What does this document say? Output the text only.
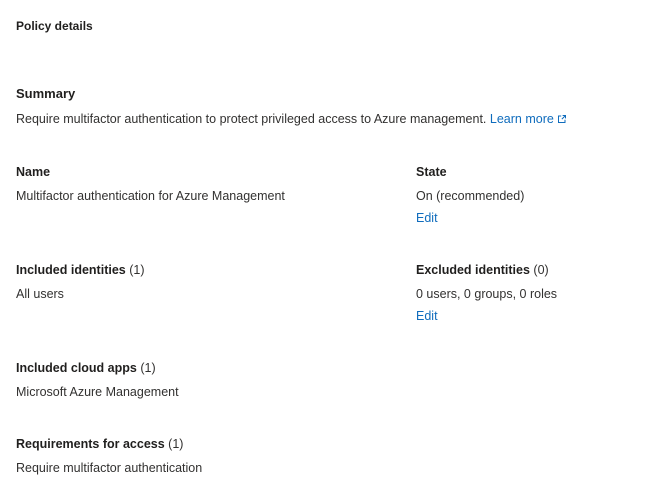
Policy details
Summary
Require multifactor authentication to protect privileged access to Azure management. Learn more
Name
Multifactor authentication for Azure Management
State
On (recommended)
Edit
Included identities (1)
All users
Excluded identities (0)
0 users, 0 groups, 0 roles
Edit
Included cloud apps (1)
Microsoft Azure Management
Requirements for access (1)
Require multifactor authentication
